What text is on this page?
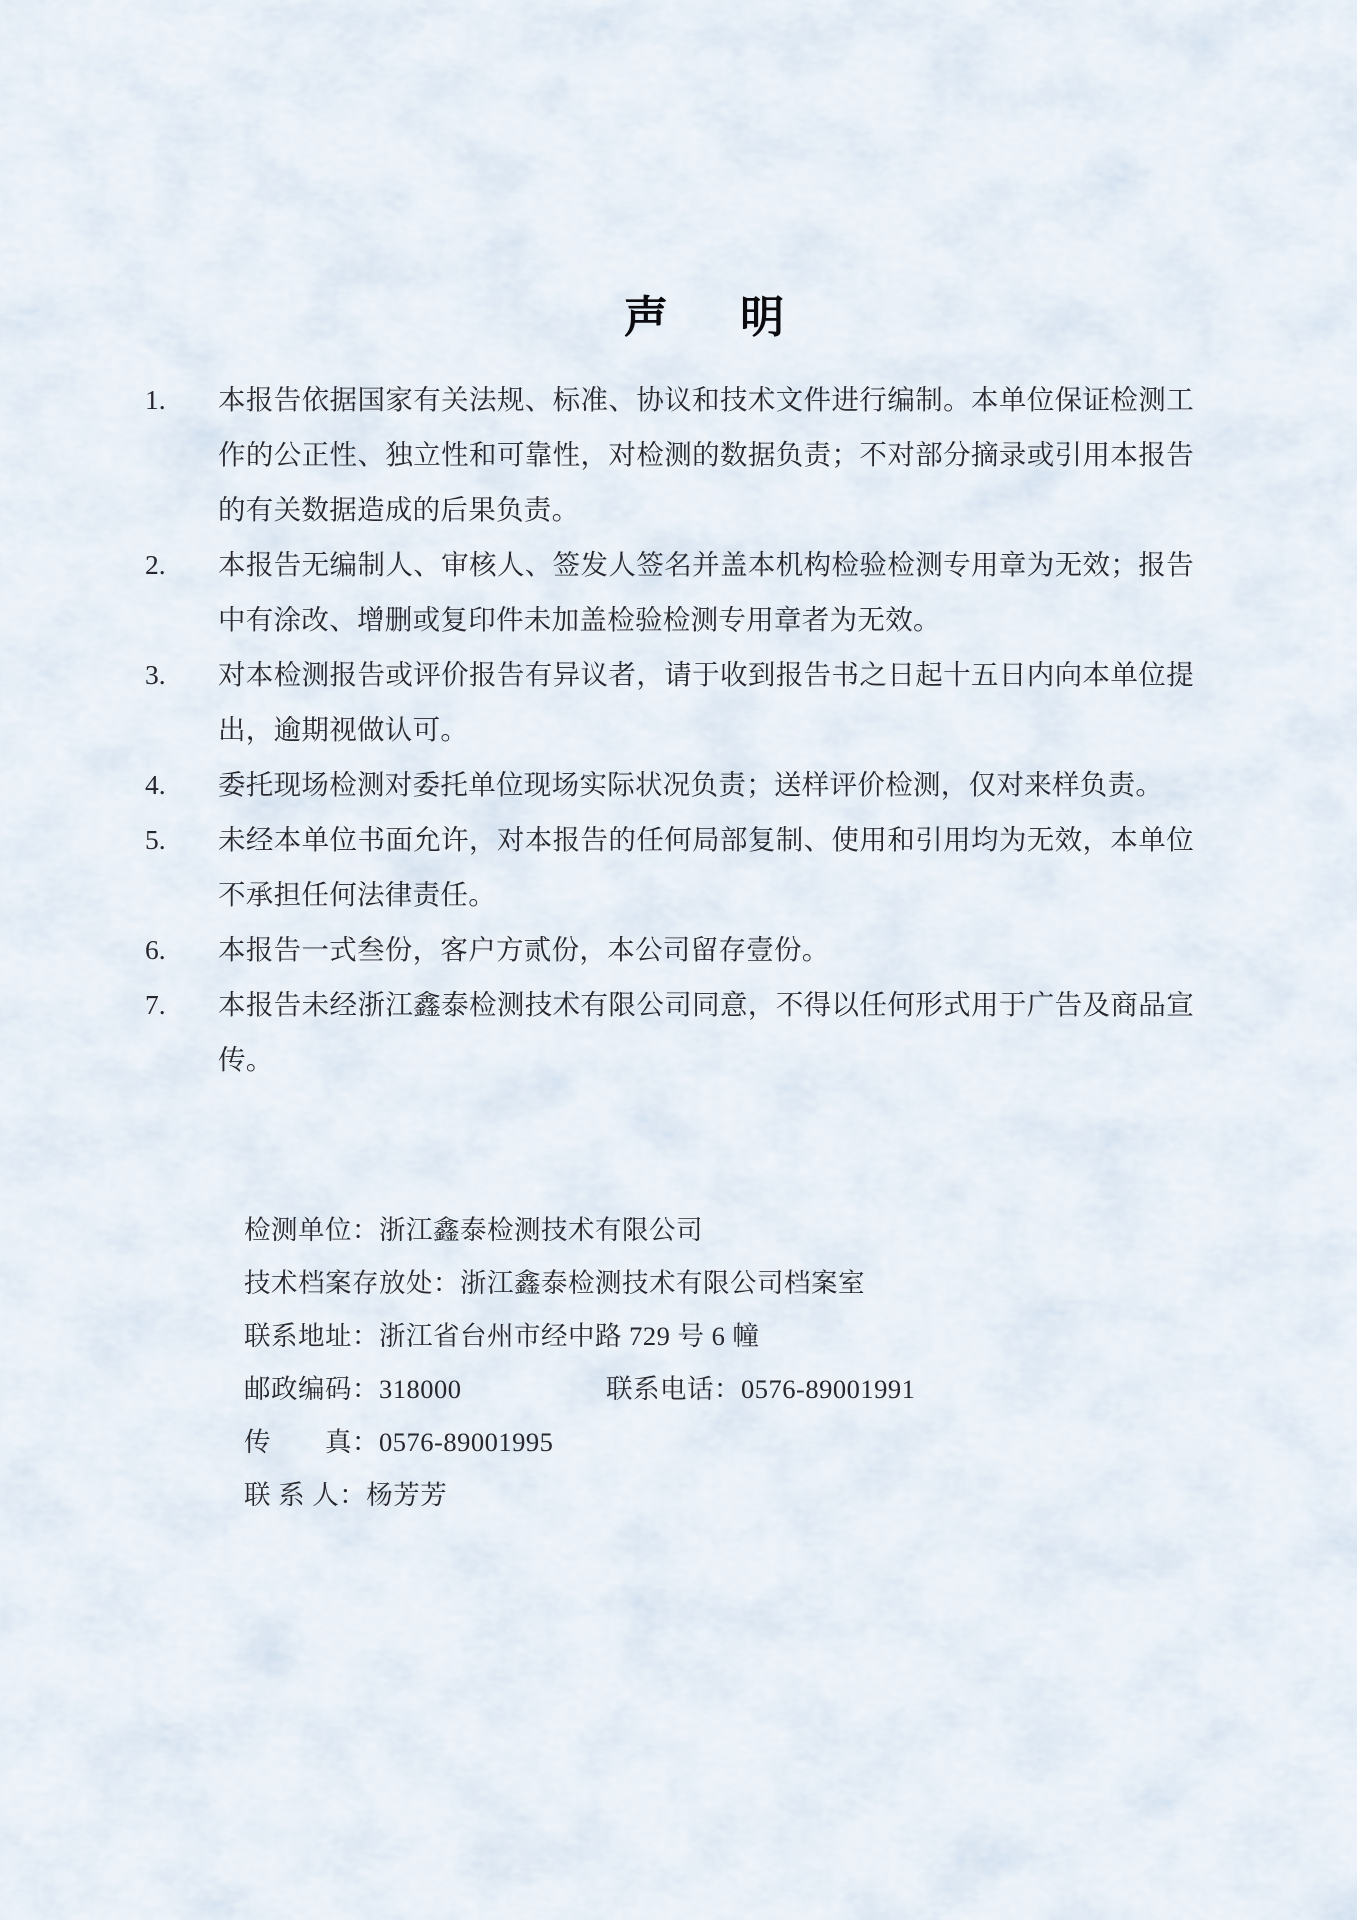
声　明
1.	本报告依据国家有关法规、标准、协议和技术文件进行编制。本单位保证检测工作的公正性、独立性和可靠性，对检测的数据负责；不对部分摘录或引用本报告的有关数据造成的后果负责。
2.	本报告无编制人、审核人、签发人签名并盖本机构检验检测专用章为无效；报告中有涂改、增删或复印件未加盖检验检测专用章者为无效。
3.	对本检测报告或评价报告有异议者，请于收到报告书之日起十五日内向本单位提出，逾期视做认可。
4.	委托现场检测对委托单位现场实际状况负责；送样评价检测，仅对来样负责。
5.	未经本单位书面允许，对本报告的任何局部复制、使用和引用均为无效，本单位不承担任何法律责任。
6.	本报告一式叁份，客户方贰份，本公司留存壹份。
7.	本报告未经浙江鑫泰检测技术有限公司同意，不得以任何形式用于广告及商品宣传。
检测单位： 浙江鑫泰检测技术有限公司
技术档案存放处： 浙江鑫泰检测技术有限公司档案室
联系地址： 浙江省台州市经中路 729 号 6 幢
邮政编码：318000	联系电话：0576-89001991
传　　真： 0576-89001995
联 系 人： 杨芳芳
